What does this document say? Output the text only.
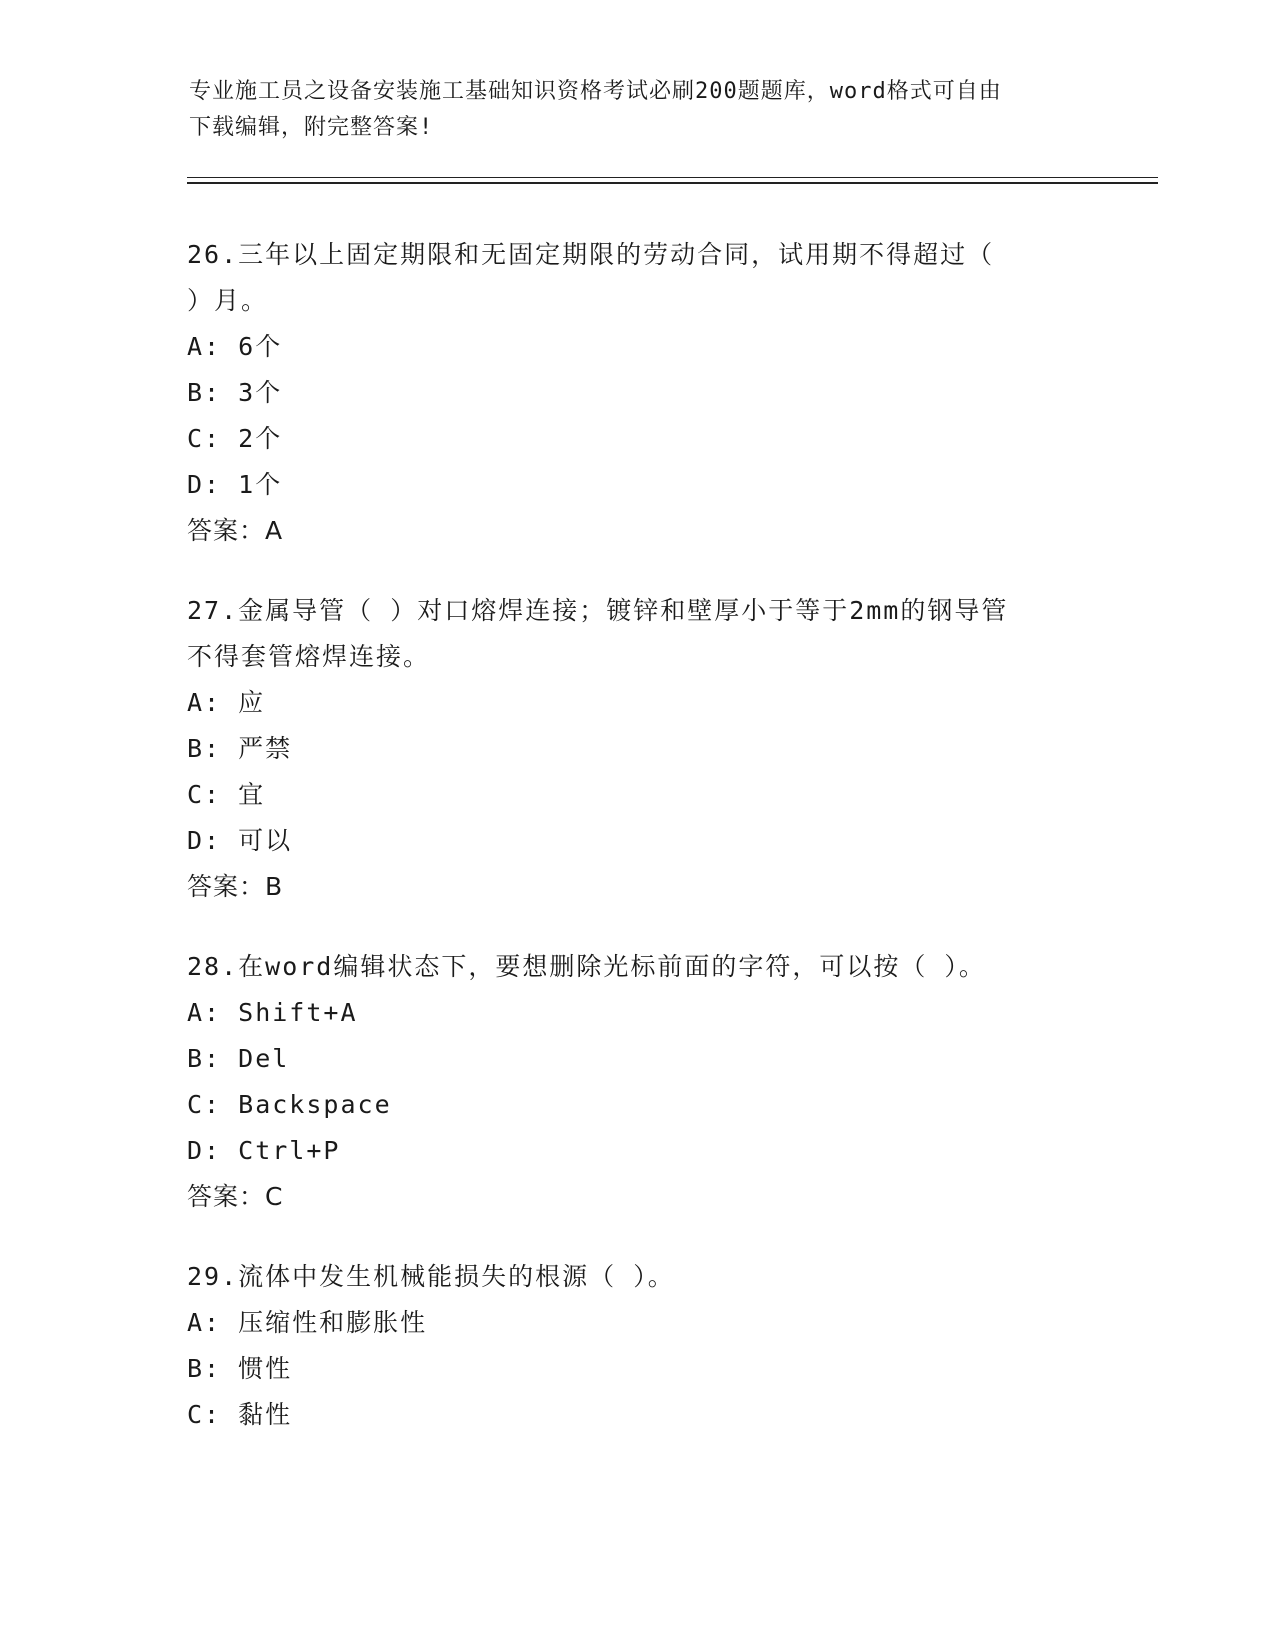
专业施工员之设备安装施工基础知识资格考试必刷200题题库，word格式可自由
下载编辑，附完整答案!

26.三年以上固定期限和无固定期限的劳动合同，试用期不得超过（

）月。

A: 6个

B: 3个

C: 2个

D: 1个

答案：A

27.金属导管（ ）对口熔焊连接；镀锌和壁厚小于等于2mm的钢导管

不得套管熔焊连接。

A: 应

B: 严禁

C: 宜

D: 可以

答案：B

28.在word编辑状态下，要想删除光标前面的字符，可以按（ ）。

A: Shift+A

B: Del

C: Backspace

D: Ctrl+P

答案：C

29.流体中发生机械能损失的根源（ ）。

A: 压缩性和膨胀性

B: 惯性

C: 黏性
